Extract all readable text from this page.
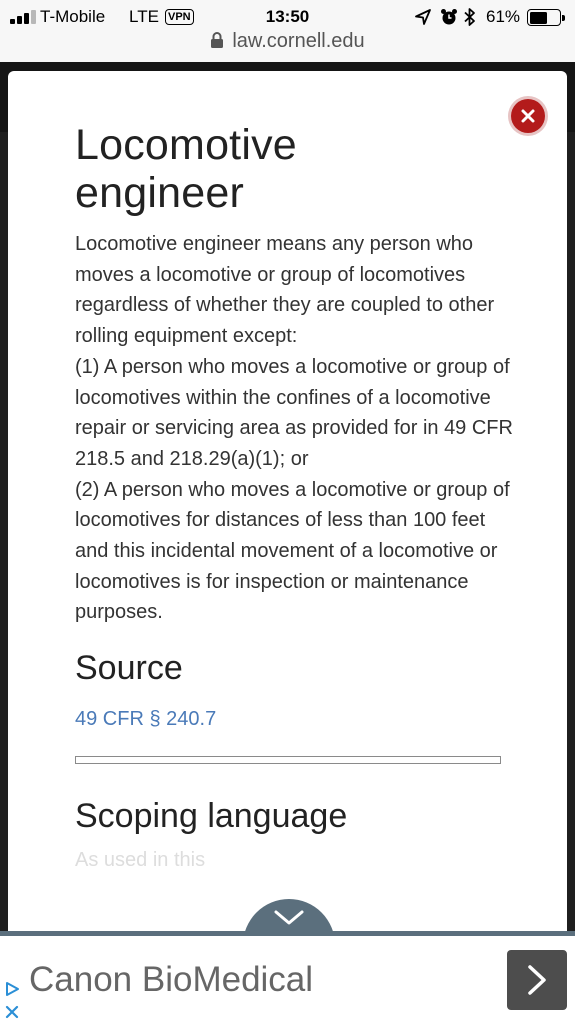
T-Mobile LTE VPN	13:50	61%
law.cornell.edu
Locomotive
engineer

Locomotive engineer means any person who moves a locomotive or group of locomotives regardless of whether they are coupled to other rolling equipment except:

(1) A person who moves a locomotive or group of locomotives within the confines of a locomotive repair or servicing area as provided for in 49 CFR 218.5 and 218.29(a)(1); or

(2) A person who moves a locomotive or group of locomotives for distances of less than 100 feet and this incidental movement of a locomotive or locomotives is for inspection or maintenance purposes.

Source
49 CFR § 240.7
Scoping language
As used in this
Canon BioMedical
